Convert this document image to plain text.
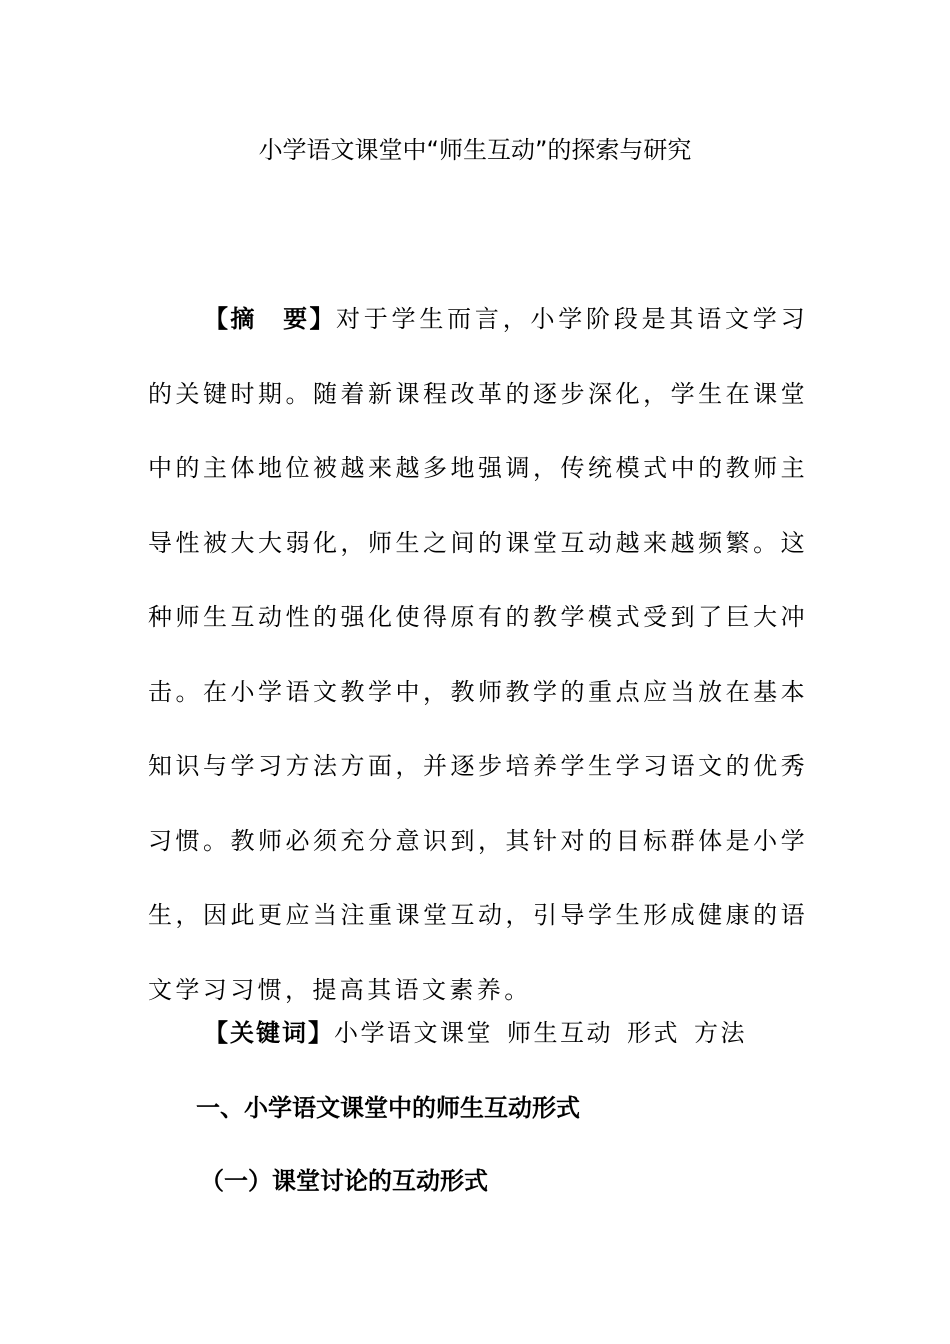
小学语文课堂中“师生互动”的探索与研究

【摘　要】对于学生而言，小学阶段是其语文学习的关键时期。随着新课程改革的逐步深化，学生在课堂中的主体地位被越来越多地强调，传统模式中的教师主导性被大大弱化，师生之间的课堂互动越来越频繁。这种师生互动性的强化使得原有的教学模式受到了巨大冲击。在小学语文教学中，教师教学的重点应当放在基本知识与学习方法方面，并逐步培养学生学习语文的优秀习惯。教师必须充分意识到，其针对的目标群体是小学生，因此更应当注重课堂互动，引导学生形成健康的语文学习习惯，提高其语文素养。

【关键词】小学语文课堂 师生互动 形式 方法

一、小学语文课堂中的师生互动形式
（一）课堂讨论的互动形式
